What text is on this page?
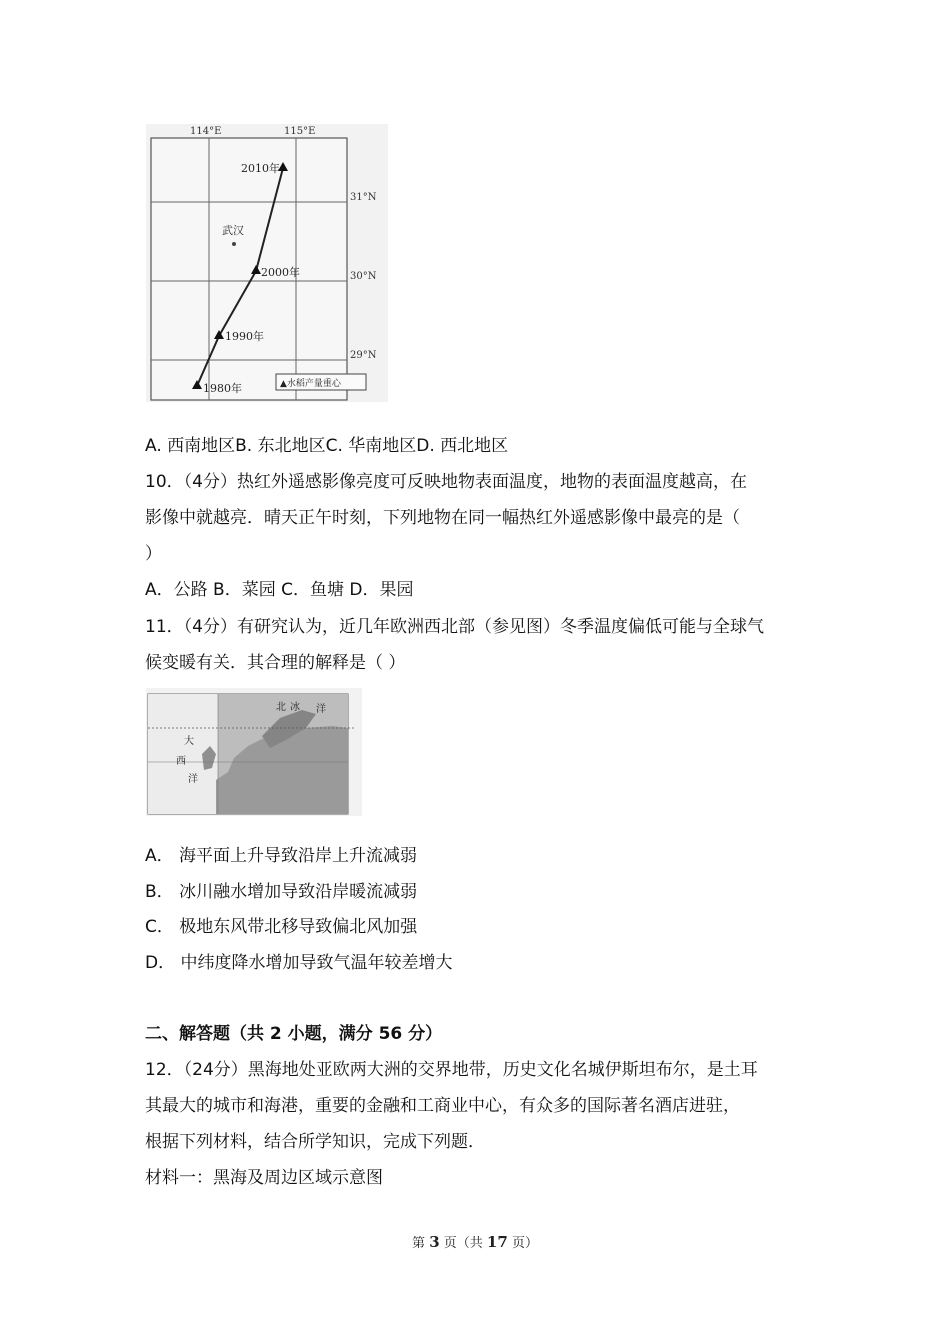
114°E	115°E
31°N
30°N
29°N
2010年
2000年
1990年
1980年
武汉
▲水稻产量重心
A. 西南地区B. 东北地区C. 华南地区D. 西北地区
10．（4分）热红外遥感影像亮度可反映地物表面温度，地物的表面温度越高，在
影像中就越亮．晴天正午时刻，下列地物在同一幅热红外遥感影像中最亮的是（
）
A．公路 B．菜园 C．鱼塘 D．果园
11．（4分）有研究认为，近几年欧洲西北部（参见图）冬季温度偏低可能与全球气
候变暖有关．其合理的解释是（ ）
北 冰 洋
大
西
洋
A． 海平面上升导致沿岸上升流减弱
B． 冰川融水增加导致沿岸暖流减弱
C． 极地东风带北移导致偏北风加强
D． 中纬度降水增加导致气温年较差增大
二、解答题（共 2 小题，满分 56 分）
12．（24分）黑海地处亚欧两大洲的交界地带，历史文化名城伊斯坦布尔，是土耳
其最大的城市和海港，重要的金融和工商业中心，有众多的国际著名酒店进驻，
根据下列材料，结合所学知识，完成下列题．
材料一：黑海及周边区域示意图
第 3 页（共 17 页）
